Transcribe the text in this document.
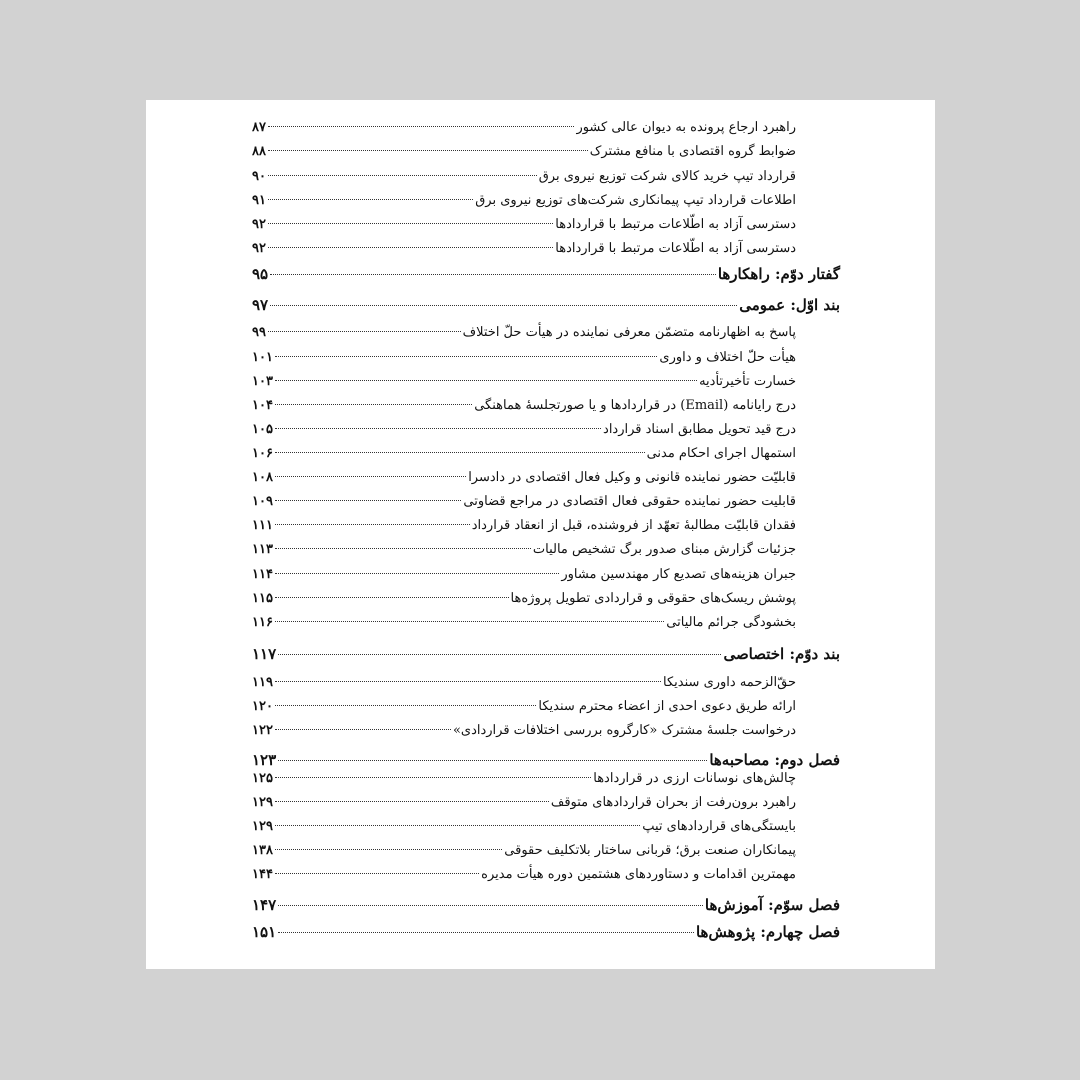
راهبرد ارجاع پرونده به دیوان عالی کشور
۸۷
ضوابط گروه اقتصادی با منافع مشترک
۸۸
قرارداد تیپ خرید کالای شرکت توزیع نیروی برق
۹۰
اطلاعات قرارداد تیپ پیمانکاری شرکت‌های توزیع نیروی برق
۹۱
دسترسی آزاد به اطّلاعات مرتبط با قراردادها
۹۲
دسترسی آزاد به اطّلاعات مرتبط با قراردادها
۹۲
گفتار دوّم: راهکارها
۹۵
بند اوّل: عمومی
۹۷
پاسخ به اظهارنامه متضمّن معرفی نماینده در هیأت حلّ اختلاف
۹۹
هیأت حلّ اختلاف و داوری
۱۰۱
خسارت تأخیرتأدیه
۱۰۳
درج رایانامه (Email) در قراردادها و یا صورتجلسهٔ هماهنگی
۱۰۴
درج قید تحویل مطابق اسناد قرارداد
۱۰۵
استمهال اجرای احکام مدنی
۱۰۶
قابلیّت حضور نماینده قانونی و وکیل فعال اقتصادی در دادسرا
۱۰۸
قابلیت حضور نماینده حقوقی فعال اقتصادی در مراجع قضاوتی
۱۰۹
فقدان قابلیّت مطالبهٔ تعهّد از فروشنده، قبل از انعقاد قرارداد
۱۱۱
جزئیات گزارش مبنای صدور برگ تشخیص مالیات
۱۱۳
جبران هزینه‌های تصدیع کار مهندسین مشاور
۱۱۴
پوشش ریسک‌های حقوقی و قراردادی تطویل پروژه‌ها
۱۱۵
بخشودگی جرائم مالیاتی
۱۱۶
بند دوّم: اختصاصی
۱۱۷
حقّ‌الزحمه داوری سندیکا
۱۱۹
ارائه طریق دعوی احدی از اعضاء محترم سندیکا
۱۲۰
درخواست جلسهٔ مشترک «کارگروه بررسی اختلافات قراردادی»
۱۲۲
فصل دوم: مصاحبه‌ها
۱۲۳
چالش‌های نوسانات ارزی در قراردادها
۱۲۵
راهبرد برون‌رفت از بحران قراردادهای متوقف
۱۲۹
بایستگی‌های قراردادهای تیپ
۱۲۹
پیمانکاران صنعت برق؛ قربانی ساختار بلاتکلیف حقوقی
۱۳۸
مهمترین اقدامات و دستاوردهای هشتمین دوره هیأت مدیره
۱۴۴
فصل سوّم: آموزش‌ها
۱۴۷
فصل چهارم: پژوهش‌ها
۱۵۱
